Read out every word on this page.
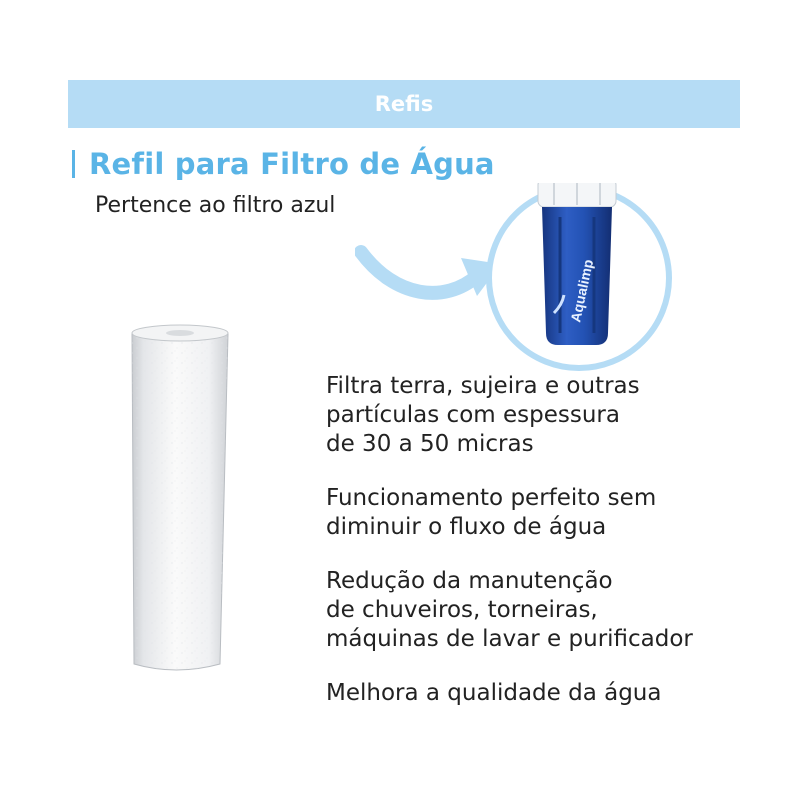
Refis
Refil para Filtro de Água
Pertence ao filtro azul
Aqualimp

Filtra terra, sujeira e outras
partículas com espessura
de 30 a 50 micras

Funcionamento perfeito sem
diminuir o fluxo de água

Redução da manutenção
de chuveiros, torneiras,
máquinas de lavar e purificador

Melhora a qualidade da água
